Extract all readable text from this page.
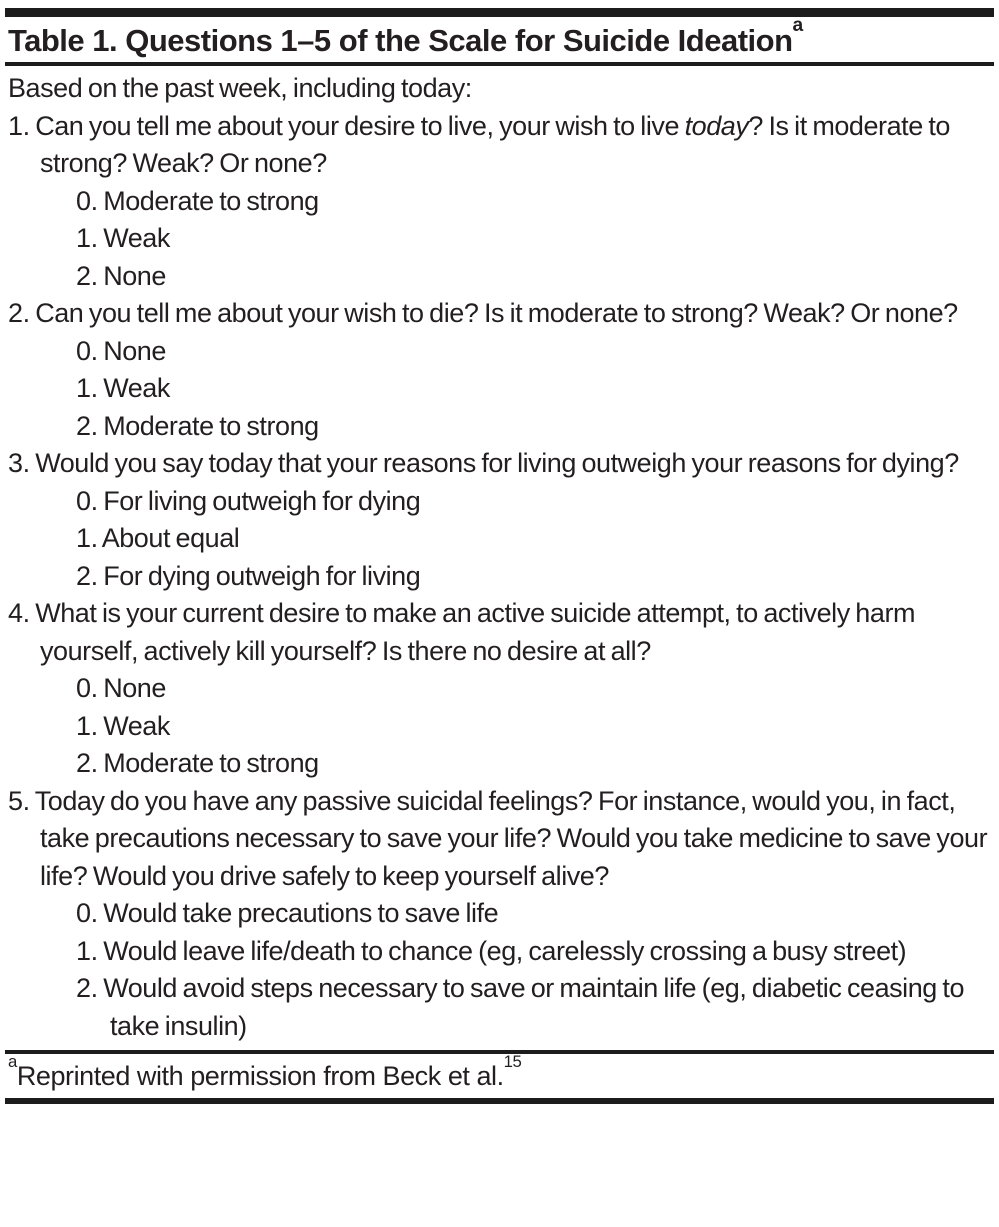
Table 1. Questions 1–5 of the Scale for Suicide Ideation$^a$
Based on the past week, including today:
1. Can you tell me about your desire to live, your wish to live today? Is it moderate to strong? Weak? Or none?
0. Moderate to strong
1. Weak
2. None
2. Can you tell me about your wish to die? Is it moderate to strong? Weak? Or none?
0. None
1. Weak
2. Moderate to strong
3. Would you say today that your reasons for living outweigh your reasons for dying?
0. For living outweigh for dying
1. About equal
2. For dying outweigh for living
4. What is your current desire to make an active suicide attempt, to actively harm yourself, actively kill yourself? Is there no desire at all?
0. None
1. Weak
2. Moderate to strong
5. Today do you have any passive suicidal feelings? For instance, would you, in fact, take precautions necessary to save your life? Would you take medicine to save your life? Would you drive safely to keep yourself alive?
0. Would take precautions to save life
1. Would leave life/death to chance (eg, carelessly crossing a busy street)
2. Would avoid steps necessary to save or maintain life (eg, diabetic ceasing to take insulin)
$^a$Reprinted with permission from Beck et al.$^{15}$
